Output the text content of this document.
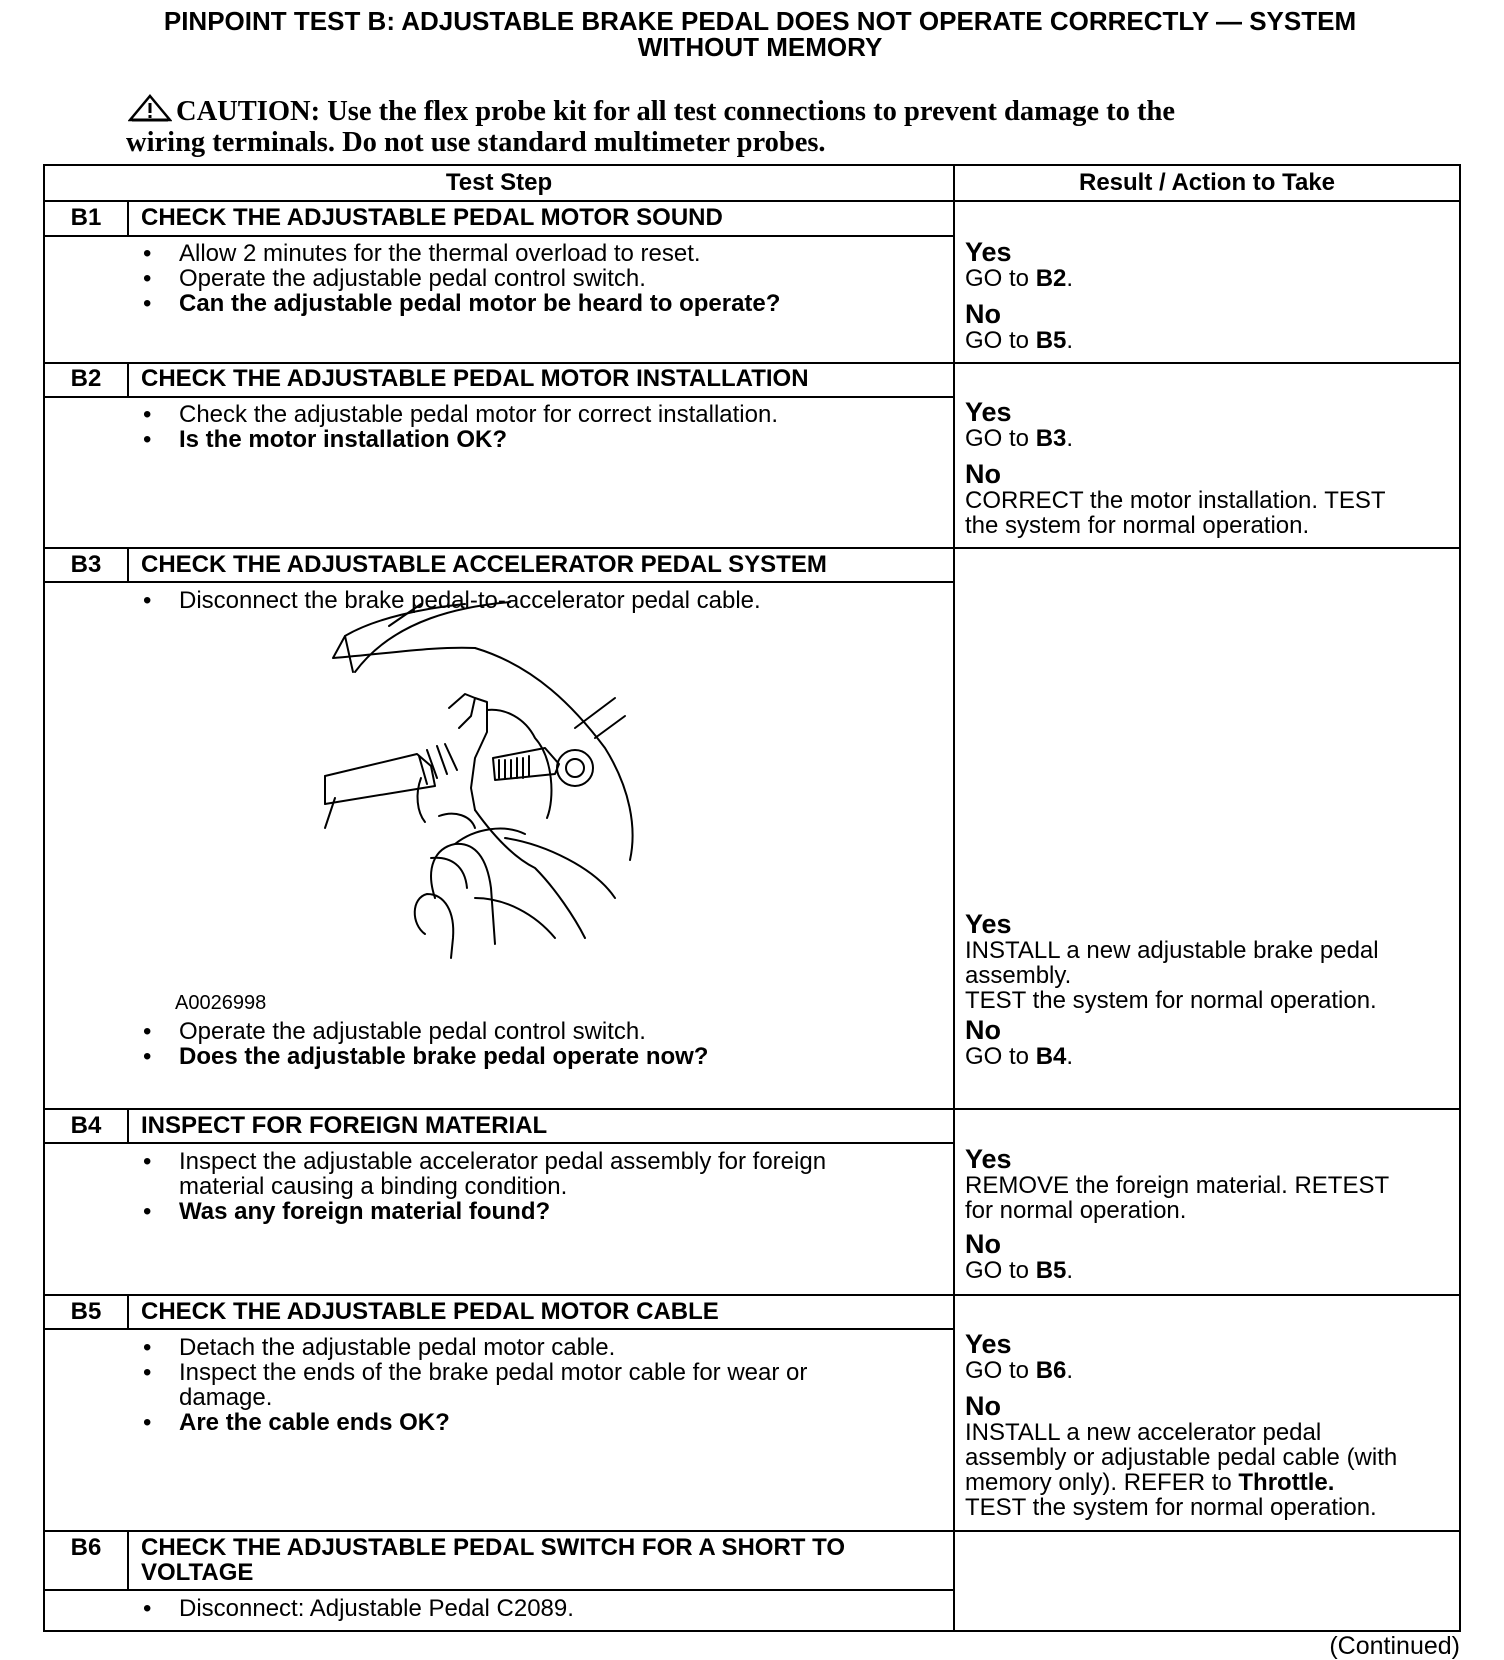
PINPOINT TEST B: ADJUSTABLE BRAKE PEDAL DOES NOT OPERATE CORRECTLY — SYSTEM
WITHOUT MEMORY
CAUTION: Use the flex probe kit for all test connections to prevent damage to the
wiring terminals. Do not use standard multimeter probes.
Test Step	Result / Action to Take
B1	CHECK THE ADJUSTABLE PEDAL MOTOR SOUND
• Allow 2 minutes for the thermal overload to reset.
• Operate the adjustable pedal control switch.
• Can the adjustable pedal motor be heard to operate?
Yes
GO to B2.
No
GO to B5.
B2	CHECK THE ADJUSTABLE PEDAL MOTOR INSTALLATION
• Check the adjustable pedal motor for correct installation.
• Is the motor installation OK?
Yes
GO to B3.
No
CORRECT the motor installation. TEST
the system for normal operation.
B3	CHECK THE ADJUSTABLE ACCELERATOR PEDAL SYSTEM
• Disconnect the brake pedal-to-accelerator pedal cable.
A0026998
• Operate the adjustable pedal control switch.
• Does the adjustable brake pedal operate now?
Yes
INSTALL a new adjustable brake pedal
assembly.
TEST the system for normal operation.
No
GO to B4.
B4	INSPECT FOR FOREIGN MATERIAL
• Inspect the adjustable accelerator pedal assembly for foreign
material causing a binding condition.
• Was any foreign material found?
Yes
REMOVE the foreign material. RETEST
for normal operation.
No
GO to B5.
B5	CHECK THE ADJUSTABLE PEDAL MOTOR CABLE
• Detach the adjustable pedal motor cable.
• Inspect the ends of the brake pedal motor cable for wear or
damage.
• Are the cable ends OK?
Yes
GO to B6.
No
INSTALL a new accelerator pedal
assembly or adjustable pedal cable (with
memory only). REFER to Throttle.
TEST the system for normal operation.
B6	CHECK THE ADJUSTABLE PEDAL SWITCH FOR A SHORT TO
VOLTAGE
• Disconnect: Adjustable Pedal C2089.
(Continued)
